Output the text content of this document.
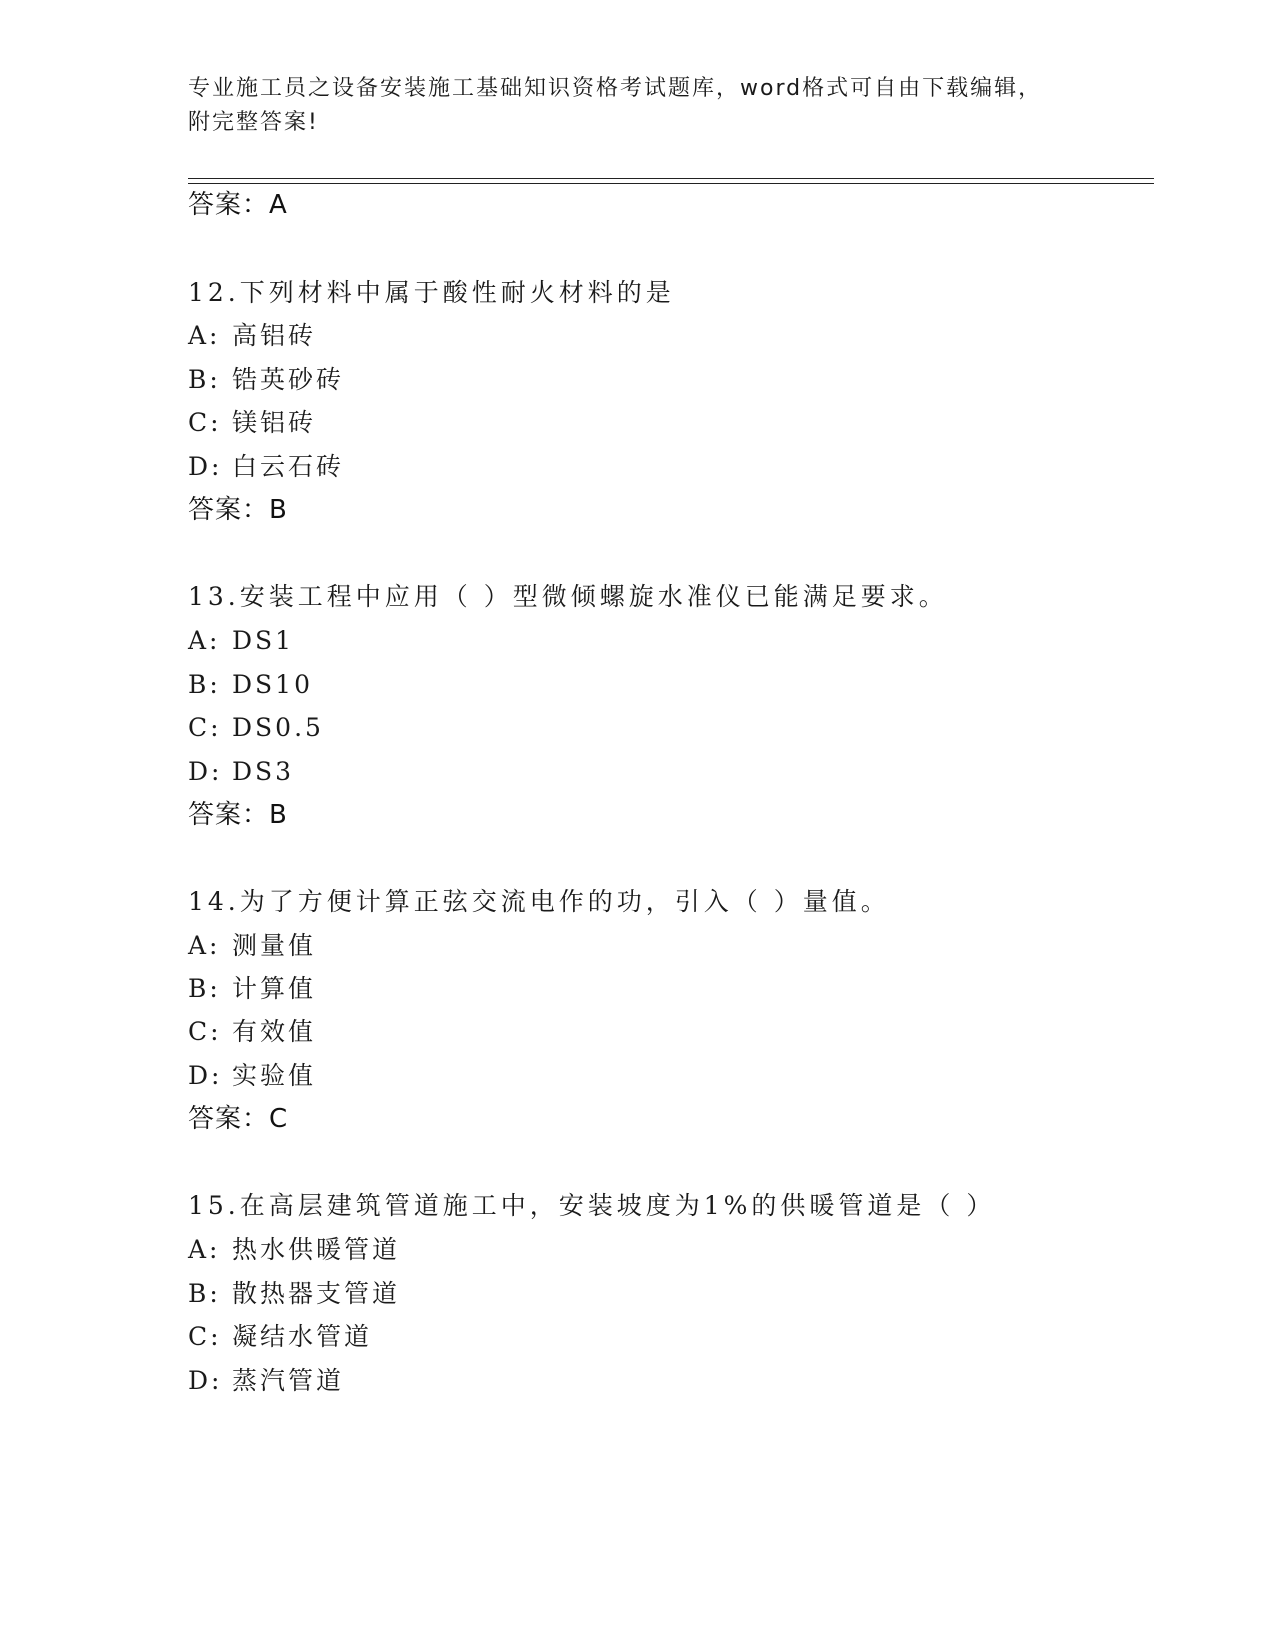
专业施工员之设备安装施工基础知识资格考试题库，word格式可自由下载编辑，
附完整答案!
答案：A
12.下列材料中属于酸性耐火材料的是
A: 高铝砖
B: 锆英砂砖
C: 镁铝砖
D: 白云石砖
答案：B
13.安装工程中应用（ ）型微倾螺旋水准仪已能满足要求。
A: DS1
B: DS10
C: DS0.5
D: DS3
答案：B
14.为了方便计算正弦交流电作的功，引入（ ）量值。
A: 测量值
B: 计算值
C: 有效值
D: 实验值
答案：C
15.在高层建筑管道施工中，安装坡度为1%的供暖管道是（ ）
A: 热水供暖管道
B: 散热器支管道
C: 凝结水管道
D: 蒸汽管道
